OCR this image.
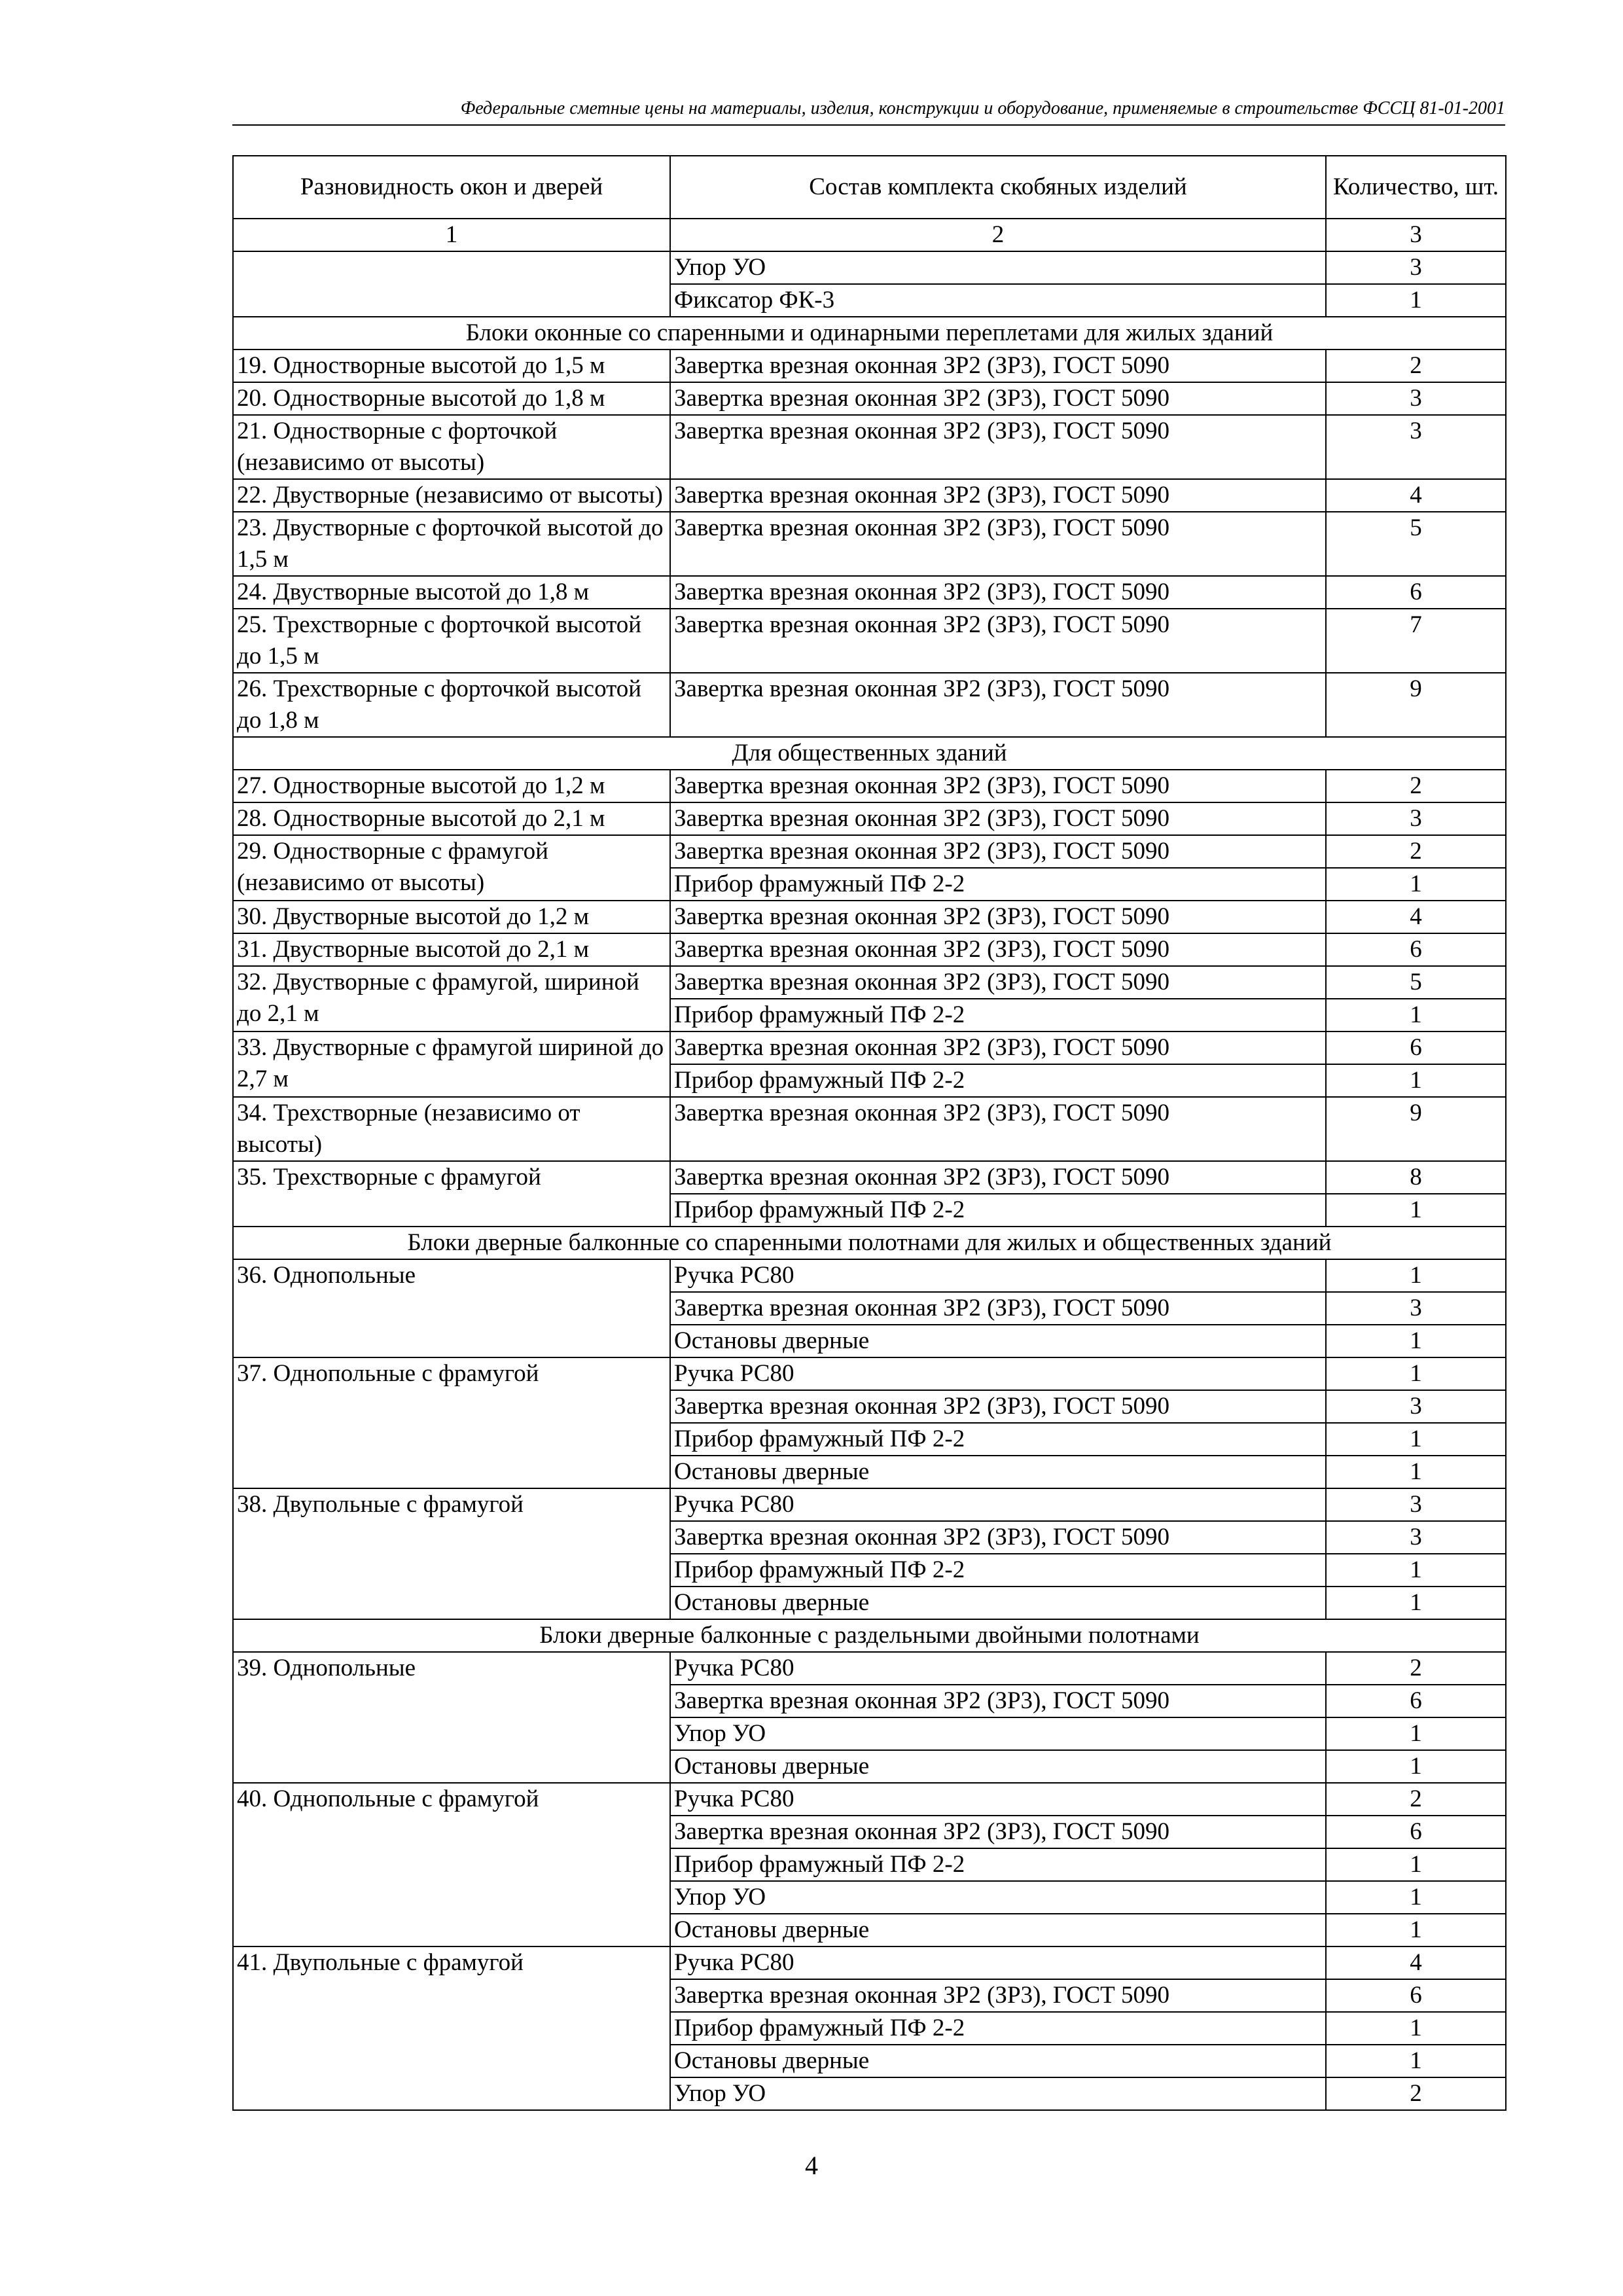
Федеральные сметные цены на материалы, изделия, конструкции и оборудование, применяемые в строительстве ФССЦ 81-01-2001
Разновидность окон и дверей	Состав комплекта скобяных изделий	Количество, шт.
1	2	3
	Упор УО	3
	Фиксатор ФК-3	1
Блоки оконные со спаренными и одинарными переплетами для жилых зданий		
19. Одностворные высотой до 1,5 м	Завертка врезная оконная ЗР2 (ЗР3), ГОСТ 5090	2
20. Одностворные высотой до 1,8 м	Завертка врезная оконная ЗР2 (ЗР3), ГОСТ 5090	3
21. Одностворные с форточкой (независимо от высоты)	Завертка врезная оконная ЗР2 (ЗР3), ГОСТ 5090	3
22. Двустворные (независимо от высоты)	Завертка врезная оконная ЗР2 (ЗР3), ГОСТ 5090	4
23. Двустворные с форточкой высотой до 1,5 м	Завертка врезная оконная ЗР2 (ЗР3), ГОСТ 5090	5
24. Двустворные высотой до 1,8 м	Завертка врезная оконная ЗР2 (ЗР3), ГОСТ 5090	6
25. Трехстворные с форточкой высотой до 1,5 м	Завертка врезная оконная ЗР2 (ЗР3), ГОСТ 5090	7
26. Трехстворные с форточкой высотой до 1,8 м	Завертка врезная оконная ЗР2 (ЗР3), ГОСТ 5090	9
Для общественных зданий		
27. Одностворные высотой до 1,2 м	Завертка врезная оконная ЗР2 (ЗР3), ГОСТ 5090	2
28. Одностворные высотой до 2,1 м	Завертка врезная оконная ЗР2 (ЗР3), ГОСТ 5090	3
29. Одностворные с фрамугой (независимо от высоты)	Завертка врезная оконная ЗР2 (ЗР3), ГОСТ 5090	2
	Прибор фрамужный ПФ 2-2	1
30. Двустворные высотой до 1,2 м	Завертка врезная оконная ЗР2 (ЗР3), ГОСТ 5090	4
31. Двустворные высотой до 2,1 м	Завертка врезная оконная ЗР2 (ЗР3), ГОСТ 5090	6
32. Двустворные с фрамугой, шириной до 2,1 м	Завертка врезная оконная ЗР2 (ЗР3), ГОСТ 5090	5
	Прибор фрамужный ПФ 2-2	1
33. Двустворные с фрамугой шириной до 2,7 м	Завертка врезная оконная ЗР2 (ЗР3), ГОСТ 5090	6
	Прибор фрамужный ПФ 2-2	1
34. Трехстворные (независимо от высоты)	Завертка врезная оконная ЗР2 (ЗР3), ГОСТ 5090	9
35. Трехстворные с фрамугой	Завертка врезная оконная ЗР2 (ЗР3), ГОСТ 5090	8
	Прибор фрамужный ПФ 2-2	1
Блоки дверные балконные со спаренными полотнами для жилых и общественных зданий		
36. Однопольные	Ручка РС80	1
	Завертка врезная оконная ЗР2 (ЗР3), ГОСТ 5090	3
	Остановы дверные	1
37. Однопольные с фрамугой	Ручка РС80	1
	Завертка врезная оконная ЗР2 (ЗР3), ГОСТ 5090	3
	Прибор фрамужный ПФ 2-2	1
	Остановы дверные	1
38. Двупольные с фрамугой	Ручка РС80	3
	Завертка врезная оконная ЗР2 (ЗР3), ГОСТ 5090	3
	Прибор фрамужный ПФ 2-2	1
	Остановы дверные	1
Блоки дверные балконные с раздельными двойными полотнами		
39. Однопольные	Ручка РС80	2
	Завертка врезная оконная ЗР2 (ЗР3), ГОСТ 5090	6
	Упор УО	1
	Остановы дверные	1
40. Однопольные с фрамугой	Ручка РС80	2
	Завертка врезная оконная ЗР2 (ЗР3), ГОСТ 5090	6
	Прибор фрамужный ПФ 2-2	1
	Упор УО	1
	Остановы дверные	1
41. Двупольные с фрамугой	Ручка РС80	4
	Завертка врезная оконная ЗР2 (ЗР3), ГОСТ 5090	6
	Прибор фрамужный ПФ 2-2	1
	Остановы дверные	1
	Упор УО	2
4
